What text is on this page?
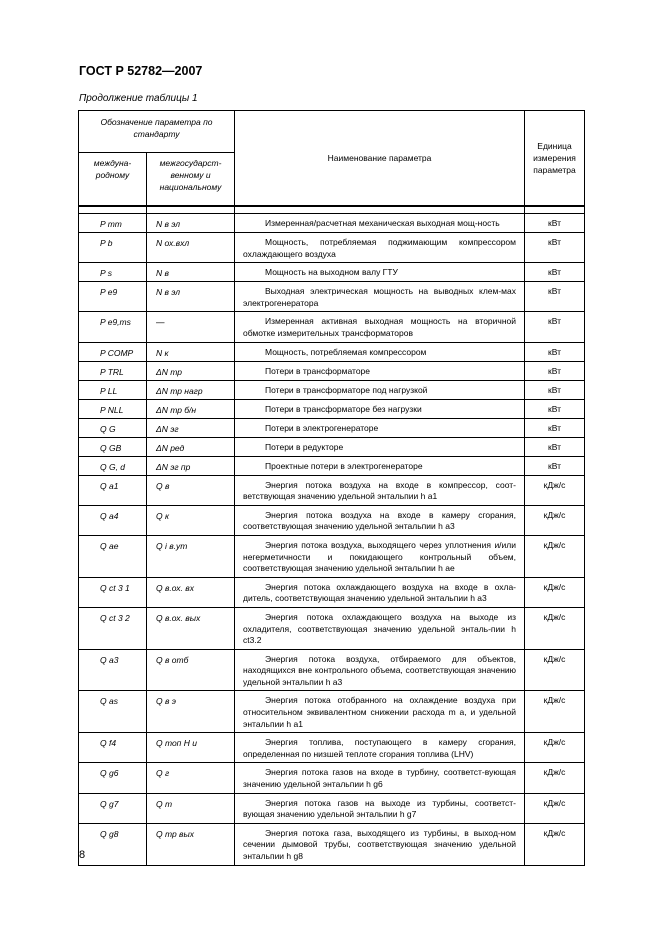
ГОСТ Р 52782—2007
Продолжение таблицы 1
Обозначение параметра по стандарту		Наименование параметра	Единица измерения параметра
междуна-родному	межгосударст-венному и национальному		

P mm	N в эл	Измеренная/расчетная механическая выходная мощ-ность	кВт
P b	N ох.вхл	Мощность, потребляемая поджимающим компрессором охлаждающего воздуха	кВт
P s	N в	Мощность на выходном валу ГТУ	кВт
P e9	N в эл	Выходная электрическая мощность на выводных клем-мах электрогенератора	кВт
P e9,ms	—	Измеренная активная выходная мощность на вторичной обмотке измерительных трансформаторов	кВт
P COMP	N к	Мощность, потребляемая компрессором	кВт
P TRL	ΔN тр	Потери в трансформаторе	кВт
P LL	ΔN тр нагр	Потери в трансформаторе под нагрузкой	кВт
P NLL	ΔN тр б/н	Потери в трансформаторе без нагрузки	кВт
Q G	ΔN эг	Потери в электрогенераторе	кВт
Q GB	ΔN ред	Потери в редукторе	кВт
Q G, d	ΔN эг пр	Проектные потери в электрогенераторе	кВт
Q a1	Q в	Энергия потока воздуха на входе в компрессор, соот-ветствующая значению удельной энтальпии h a1	кДж/с
Q a4	Q к	Энергия потока воздуха на входе в камеру сгорания, соответствующая значению удельной энтальпии h a3	кДж/с
Q ae	Q і в.ут	Энергия потока воздуха, выходящего через уплотнения и/или негерметичности и покидающего контрольный объем, соответствующая значению удельной энтальпии h ae	кДж/с
Q ct 3 1	Q в.ох. вх	Энергия потока охлаждающего воздуха на входе в охла-дитель, соответствующая значению удельной энтальпии h a3	кДж/с
Q ct 3 2	Q в.ох. вых	Энергия потока охлаждающего воздуха на выходе из охладителя, соответствующая значению удельной энталь-пии h ct3.2	кДж/с
Q a3	Q в отб	Энергия потока воздуха, отбираемого для объектов, находящихся вне контрольного объема, соответствующая значению удельной энтальпии h a3	кДж/с
Q as	Q в э	Энергия потока отобранного на охлаждение воздуха при относительном эквивалентном снижении расхода m a, и удельной энтальпии h a1	кДж/с
Q f4	Q топ Н и	Энергия топлива, поступающего в камеру сгорания, определенная по низшей теплоте сгорания топлива (LHV)	кДж/с
Q g6	Q г	Энергия потока газов на входе в турбину, соответст-вующая значению удельной энтальпии h g6	кДж/с
Q g7	Q т	Энергия потока газов на выходе из турбины, соответст-вующая значению удельной энтальпии h g7	кДж/с
Q g8	Q тр вых	Энергия потока газа, выходящего из турбины, в выход-ном сечении дымовой трубы, соответствующая значению удельной энтальпии h g8	кДж/с
8
